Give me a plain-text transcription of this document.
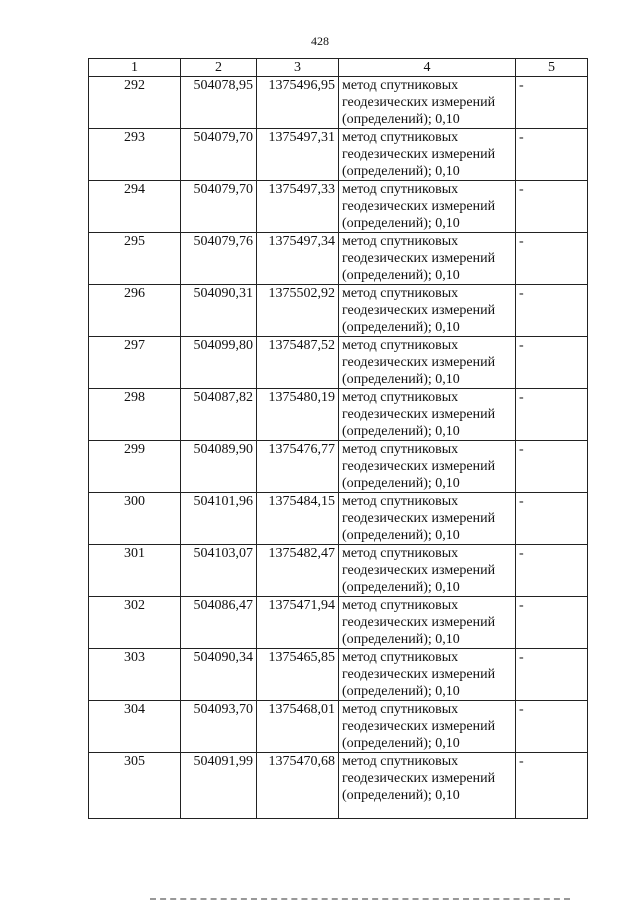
428
1	2	3	4	5
292	504078,95	1375496,95	метод спутниковых геодезических измерений (определений); 0,10	-
293	504079,70	1375497,31	метод спутниковых геодезических измерений (определений); 0,10	-
294	504079,70	1375497,33	метод спутниковых геодезических измерений (определений); 0,10	-
295	504079,76	1375497,34	метод спутниковых геодезических измерений (определений); 0,10	-
296	504090,31	1375502,92	метод спутниковых геодезических измерений (определений); 0,10	-
297	504099,80	1375487,52	метод спутниковых геодезических измерений (определений); 0,10	-
298	504087,82	1375480,19	метод спутниковых геодезических измерений (определений); 0,10	-
299	504089,90	1375476,77	метод спутниковых геодезических измерений (определений); 0,10	-
300	504101,96	1375484,15	метод спутниковых геодезических измерений (определений); 0,10	-
301	504103,07	1375482,47	метод спутниковых геодезических измерений (определений); 0,10	-
302	504086,47	1375471,94	метод спутниковых геодезических измерений (определений); 0,10	-
303	504090,34	1375465,85	метод спутниковых геодезических измерений (определений); 0,10	-
304	504093,70	1375468,01	метод спутниковых геодезических измерений (определений); 0,10	-
305	504091,99	1375470,68	метод спутниковых геодезических измерений (определений); 0,10	-
